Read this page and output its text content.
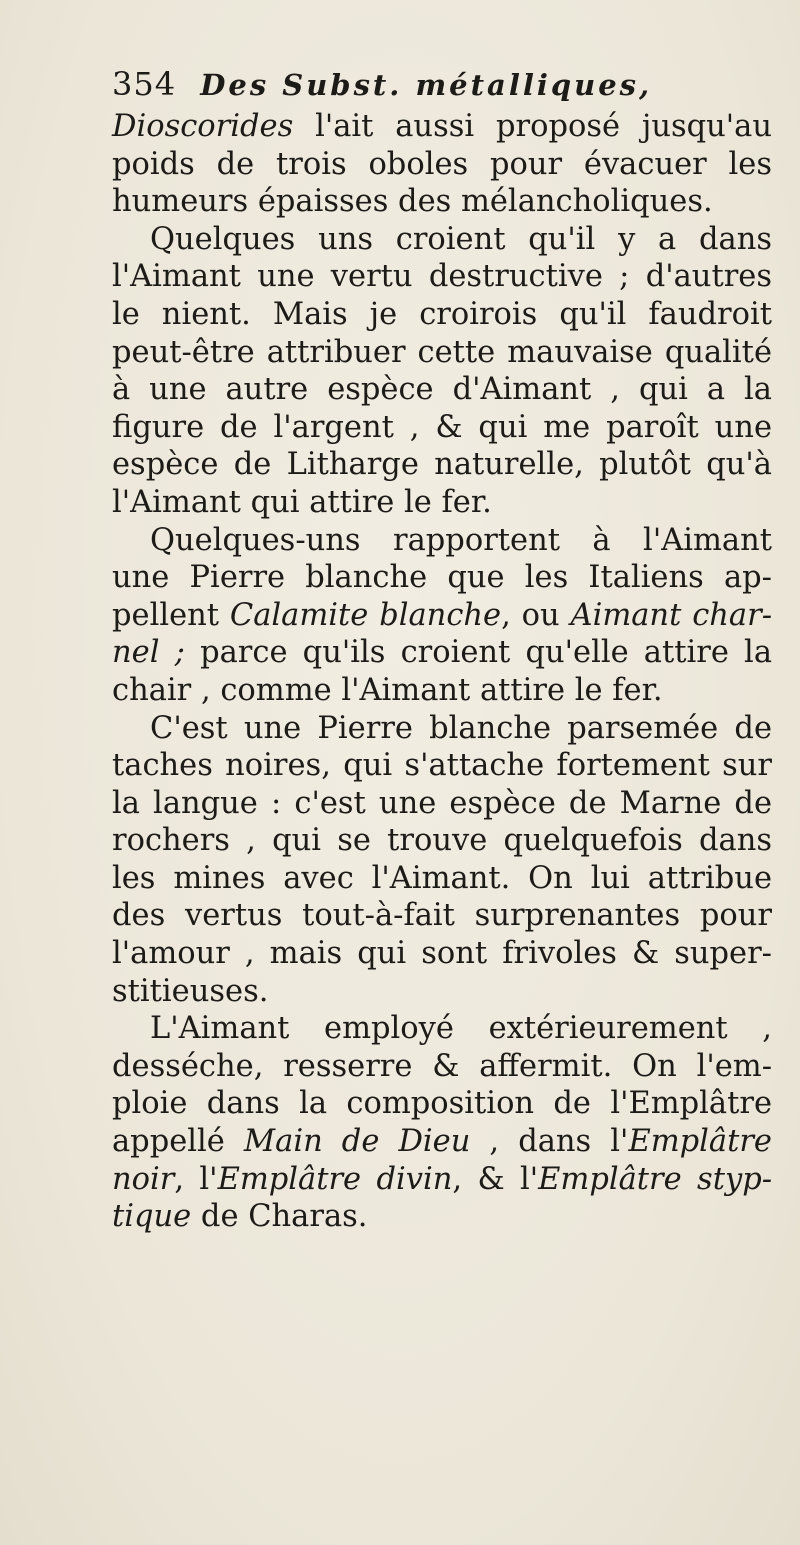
354 Des Subst. métalliques,
Dioscorides l'ait aussi proposé jusqu'au
poids de trois oboles pour évacuer les
humeurs épaisses des mélancholiques.
Quelques uns croient qu'il y a dans
l'Aimant une vertu destructive ; d'autres
le nient. Mais je croirois qu'il faudroit
peut-être attribuer cette mauvaise qualité
à une autre espèce d'Aimant , qui a la
figure de l'argent , & qui me paroît une
espèce de Litharge naturelle, plutôt qu'à
l'Aimant qui attire le fer.
Quelques-uns rapportent à l'Aimant
une Pierre blanche que les Italiens ap-
pellent Calamite blanche, ou Aimant char-
nel ; parce qu'ils croient qu'elle attire la
chair , comme l'Aimant attire le fer.
C'est une Pierre blanche parsemée de
taches noires, qui s'attache fortement sur
la langue : c'est une espèce de Marne de
rochers , qui se trouve quelquefois dans
les mines avec l'Aimant. On lui attribue
des vertus tout-à-fait surprenantes pour
l'amour , mais qui sont frivoles & super-
stitieuses.
L'Aimant employé extérieurement ,
desséche, resserre & affermit. On l'em-
ploie dans la composition de l'Emplâtre
appellé Main de Dieu , dans l'Emplâtre
noir, l'Emplâtre divin, & l'Emplâtre styp-
tique de Charas.
